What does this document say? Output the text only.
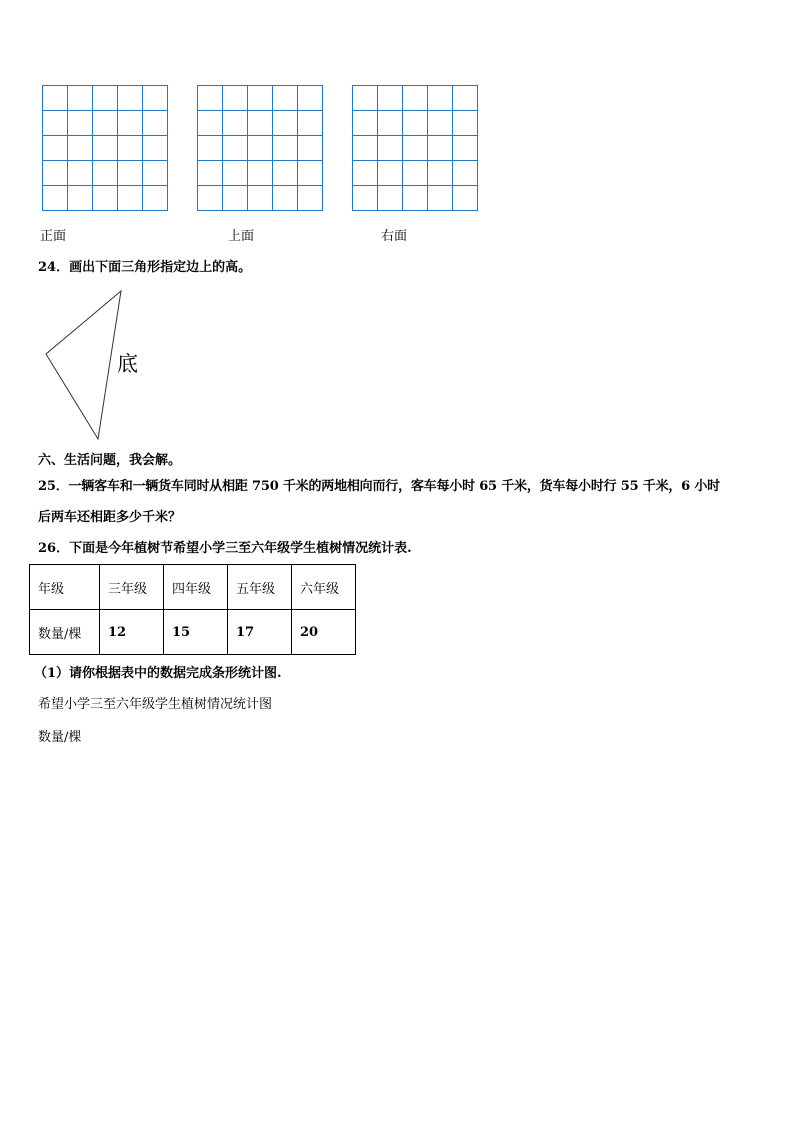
正面	上面	右面
24．画出下面三角形指定边上的高。
底
六、生活问题，我会解。
25．一辆客车和一辆货车同时从相距 750 千米的两地相向而行，客车每小时 65 千米，货车每小时行 55 千米，6 小时
后两车还相距多少千米？
26．下面是今年植树节希望小学三至六年级学生植树情况统计表.
年级	三年级	四年级	五年级	六年级
数量/棵	12	15	17	20
（1）请你根据表中的数据完成条形统计图.
希望小学三至六年级学生植树情况统计图
数量/棵
